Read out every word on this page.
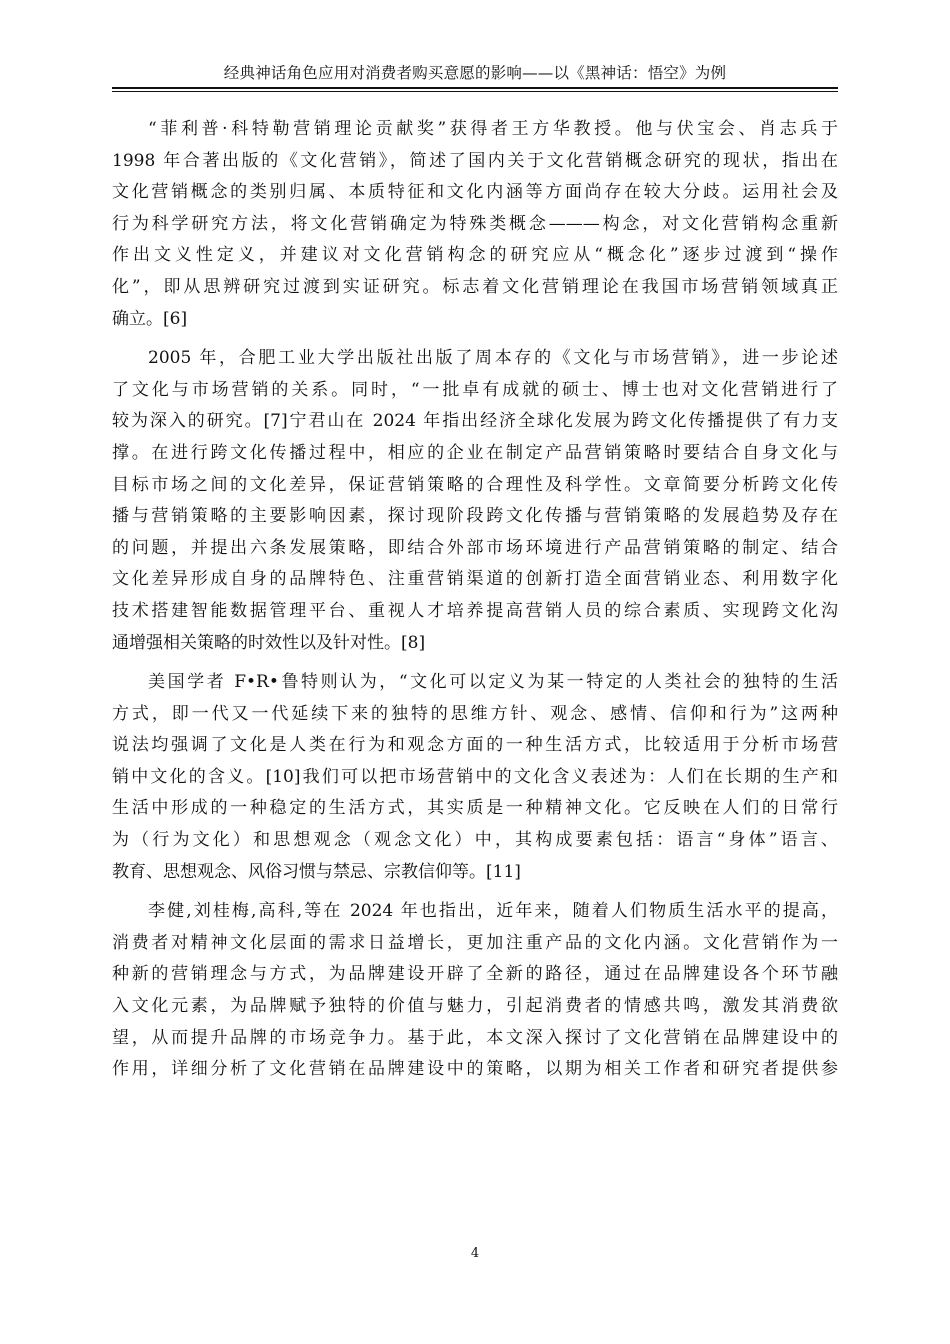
经典神话角色应用对消费者购买意愿的影响——以《黑神话：悟空》为例
“菲利普·科特勒营销理论贡献奖”获得者王方华教授。他与伏宝会、肖志兵于
1998 年合著出版的《文化营销》，简述了国内关于文化营销概念研究的现状，指出在
文化营销概念的类别归属、本质特征和文化内涵等方面尚存在较大分歧。运用社会及
行为科学研究方法，将文化营销确定为特殊类概念———构念，对文化营销构念重新
作出文义性定义，并建议对文化营销构念的研究应从“概念化”逐步过渡到“操作
化”，即从思辨研究过渡到实证研究。标志着文化营销理论在我国市场营销领域真正
确立。[6]
2005 年，合肥工业大学出版社出版了周本存的《文化与市场营销》，进一步论述
了文化与市场营销的关系。同时，“一批卓有成就的硕士、博士也对文化营销进行了
较为深入的研究。[7]宁君山在 2024 年指出经济全球化发展为跨文化传播提供了有力支
撑。在进行跨文化传播过程中，相应的企业在制定产品营销策略时要结合自身文化与
目标市场之间的文化差异，保证营销策略的合理性及科学性。文章简要分析跨文化传
播与营销策略的主要影响因素，探讨现阶段跨文化传播与营销策略的发展趋势及存在
的问题，并提出六条发展策略，即结合外部市场环境进行产品营销策略的制定、结合
文化差异形成自身的品牌特色、注重营销渠道的创新打造全面营销业态、利用数字化
技术搭建智能数据管理平台、重视人才培养提高营销人员的综合素质、实现跨文化沟
通增强相关策略的时效性以及针对性。[8]
美国学者 F•R•鲁特则认为，“文化可以定义为某一特定的人类社会的独特的生活
方式，即一代又一代延续下来的独特的思维方针、观念、感情、信仰和行为”这两种
说法均强调了文化是人类在行为和观念方面的一种生活方式，比较适用于分析市场营
销中文化的含义。[10]我们可以把市场营销中的文化含义表述为：人们在长期的生产和
生活中形成的一种稳定的生活方式，其实质是一种精神文化。它反映在人们的日常行
为（行为文化）和思想观念（观念文化）中，其构成要素包括：语言“身体”语言、
教育、思想观念、风俗习惯与禁忌、宗教信仰等。[11]
李健,刘桂梅,高科,等在 2024 年也指出，近年来，随着人们物质生活水平的提高，
消费者对精神文化层面的需求日益增长，更加注重产品的文化内涵。文化营销作为一
种新的营销理念与方式，为品牌建设开辟了全新的路径，通过在品牌建设各个环节融
入文化元素，为品牌赋予独特的价值与魅力，引起消费者的情感共鸣，激发其消费欲
望，从而提升品牌的市场竞争力。基于此，本文深入探讨了文化营销在品牌建设中的
作用，详细分析了文化营销在品牌建设中的策略，以期为相关工作者和研究者提供参
4
